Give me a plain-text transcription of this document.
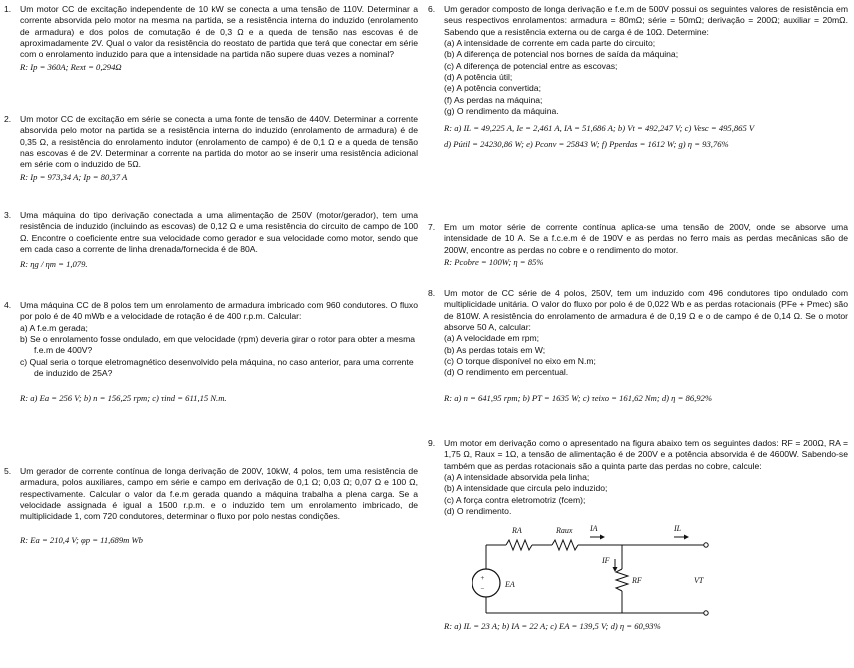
1. Um motor CC de excitação independente de 10 kW se conecta a uma tensão de 110V. Determinar a corrente absorvida pelo motor na mesma na partida, se a resistência interna do induzido (enrolamento de armadura) e dos polos de comutação é de 0,3 Ω e a queda de tensão nas escovas é de aproximadamente 2V. Qual o valor da resistência do reostato de partida que terá que conectar em série com o enrolamento induzido para que a intensidade na partida não supere duas vezes a nominal?

R: Ip = 360A; Rext = 0,294Ω

2. Um motor CC de excitação em série se conecta a uma fonte de tensão de 440V. Determinar a corrente absorvida pelo motor na partida se a resistência interna do induzido (enrolamento de armadura) é de 0,35 Ω, a resistência do enrolamento indutor (enrolamento de campo) é de 0,1 Ω e a queda de tensão nas escovas é de 2V. Determinar a corrente na partida do motor ao se inserir uma resistência adicional em série com o induzido de 5Ω.

R: Ip = 973,34 A; Ip = 80,37 A

3. Uma máquina do tipo derivação conectada a uma alimentação de 250V (motor/gerador), tem uma resistência de induzido (incluindo as escovas) de 0,12 Ω e uma resistência do circuito de campo de 100 Ω. Encontre o coeficiente entre sua velocidade como gerador e sua velocidade como motor, sendo que em cada caso a corrente de linha drenada/fornecida é de 80A.

R: ηg / ηm = 1,079.

4. Uma máquina CC de 8 polos tem um enrolamento de armadura imbricado com 960 condutores. O fluxo por polo é de 40 mWb e a velocidade de rotação é de 400 r.p.m. Calcular:

a) A f.e.m gerada;
b) Se o enrolamento fosse ondulado, em que velocidade (rpm) deveria girar o rotor para obter a mesma f.e.m de 400V?
c) Qual seria o torque eletromagnético desenvolvido pela máquina, no caso anterior, para uma corrente de induzido de 25A?

R: a) Ea = 256 V; b) n = 156,25 rpm; c) τind = 611,15 N.m.

5. Um gerador de corrente contínua de longa derivação de 200V, 10kW, 4 polos, tem uma resistência de armadura, polos auxiliares, campo em série e campo em derivação de 0,1 Ω; 0,03 Ω; 0,07 Ω e 100 Ω, respectivamente. Calcular o valor da f.e.m gerada quando a máquina trabalha a plena carga. Se a velocidade assignada é igual a 1500 r.p.m. e o induzido tem um enrolamento imbricado, de multiplicidade 1, com 720 condutores, determinar o fluxo por polo nestas condições.

R: Ea = 210,4 V; φp = 11,689m Wb

6. Um gerador composto de longa derivação e f.e.m de 500V possui os seguintes valores de resistência em seus respectivos enrolamentos: armadura = 80mΩ; série = 50mΩ; derivação = 200Ω; auxiliar = 20mΩ. Sabendo que a resistência externa ou de carga é de 10Ω. Determine:

(a) A intensidade de corrente em cada parte do circuito;
(b) A diferença de potencial nos bornes de saída da máquina;
(c) A diferença de potencial entre as escovas;
(d) A potência útil;
(e) A potência convertida;
(f) As perdas na máquina;
(g) O rendimento da máquina.

R: a) IL = 49,225 A, Ie = 2,461 A, IA = 51,686 A; b) Vt = 492,247 V; c) Vesc = 495,865 V
d) Pútil = 24230,86 W; e) Pconv = 25843 W; f) Pperdas = 1612 W; g) η = 93,76%

7. Em um motor série de corrente contínua aplica-se uma tensão de 200V, onde se absorve uma intensidade de 10 A. Se a f.c.e.m é de 190V e as perdas no ferro mais as perdas mecânicas são de 200W, encontre as perdas no cobre e o rendimento do motor.

R: Pcobre = 100W; η = 85%

8. Um motor de CC série de 4 polos, 250V, tem um induzido com 496 condutores tipo ondulado com multiplicidade unitária. O valor do fluxo por polo é de 0,022 Wb e as perdas rotacionais (PFe + Pmec) são de 810W. A resistência do enrolamento de armadura é de 0,19 Ω e o de campo é de 0,14 Ω. Se o motor absorve 50 A, calcular:

(a) A velocidade em rpm;
(b) As perdas totais em W;
(c) O torque disponível no eixo em N.m;
(d) O rendimento em percentual.

R: a) n = 641,95 rpm; b) PT = 1635 W; c) τeixo = 161,62 Nm; d) η = 86,92%

9. Um motor em derivação como o apresentado na figura abaixo tem os seguintes dados: RF = 200Ω, RA = 1,75 Ω, Raux = 1Ω, a tensão de alimentação é de 200V e a potência absorvida é de 4600W. Sabendo-se também que as perdas rotacionais são a quinta parte das perdas no cobre, calcule:

(a) A intensidade absorvida pela linha;
(b) A intensidade que circula pelo induzido;
(c) A força contra eletromotriz (fcem);
(d) O rendimento.
+
−
RA	Raux IA	IL
IF
RF
EA	VT

R: a) IL = 23 A; b) IA = 22 A; c) EA = 139,5 V; d) η = 60,93%
